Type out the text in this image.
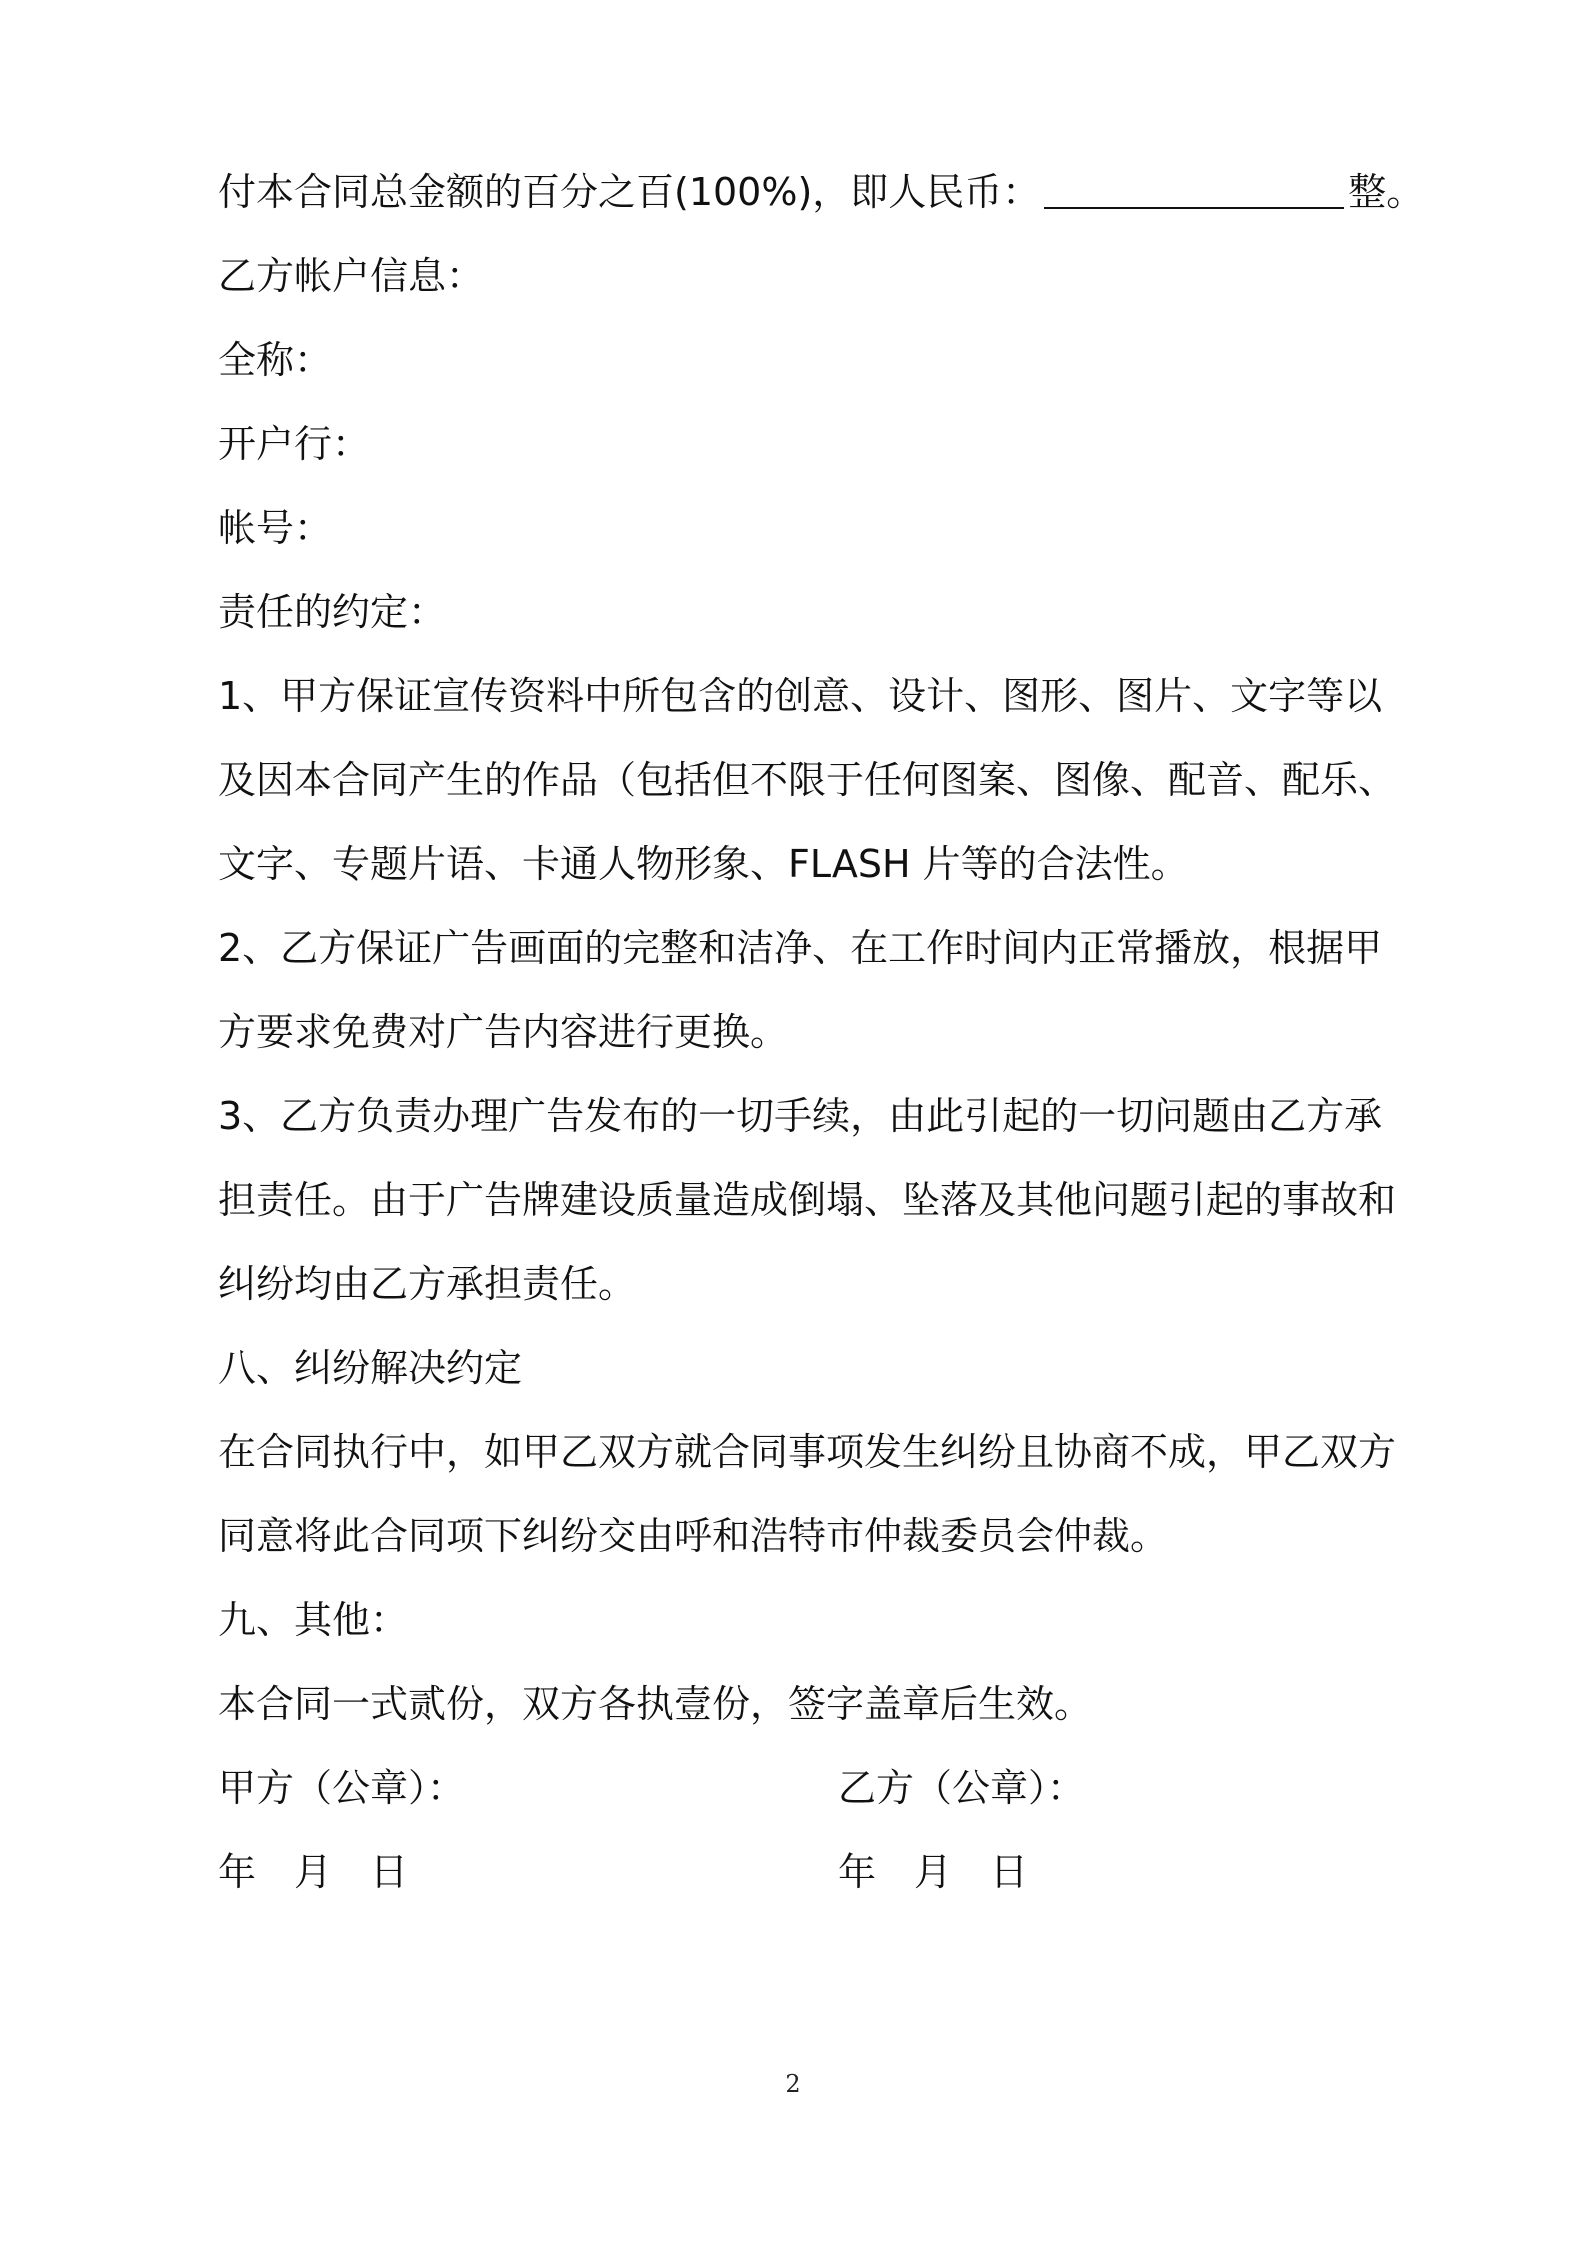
付本合同总金额的百分之百(100%)，即人民币：	整。
乙方帐户信息：
全称：
开户行：
帐号：
责任的约定：
1、甲方保证宣传资料中所包含的创意、设计、图形、图片、文字等以
及因本合同产生的作品（包括但不限于任何图案、图像、配音、配乐、
文字、专题片语、卡通人物形象、FLASH 片等的合法性。
2、乙方保证广告画面的完整和洁净、在工作时间内正常播放，根据甲
方要求免费对广告内容进行更换。
3、乙方负责办理广告发布的一切手续，由此引起的一切问题由乙方承
担责任。由于广告牌建设质量造成倒塌、坠落及其他问题引起的事故和
纠纷均由乙方承担责任。
八、纠纷解决约定
在合同执行中，如甲乙双方就合同事项发生纠纷且协商不成，甲乙双方
同意将此合同项下纠纷交由呼和浩特市仲裁委员会仲裁。
九、其他：
本合同一式贰份，双方各执壹份，签字盖章后生效。
甲方（公章）：	乙方（公章）：
年 月 日	年 月 日
2
